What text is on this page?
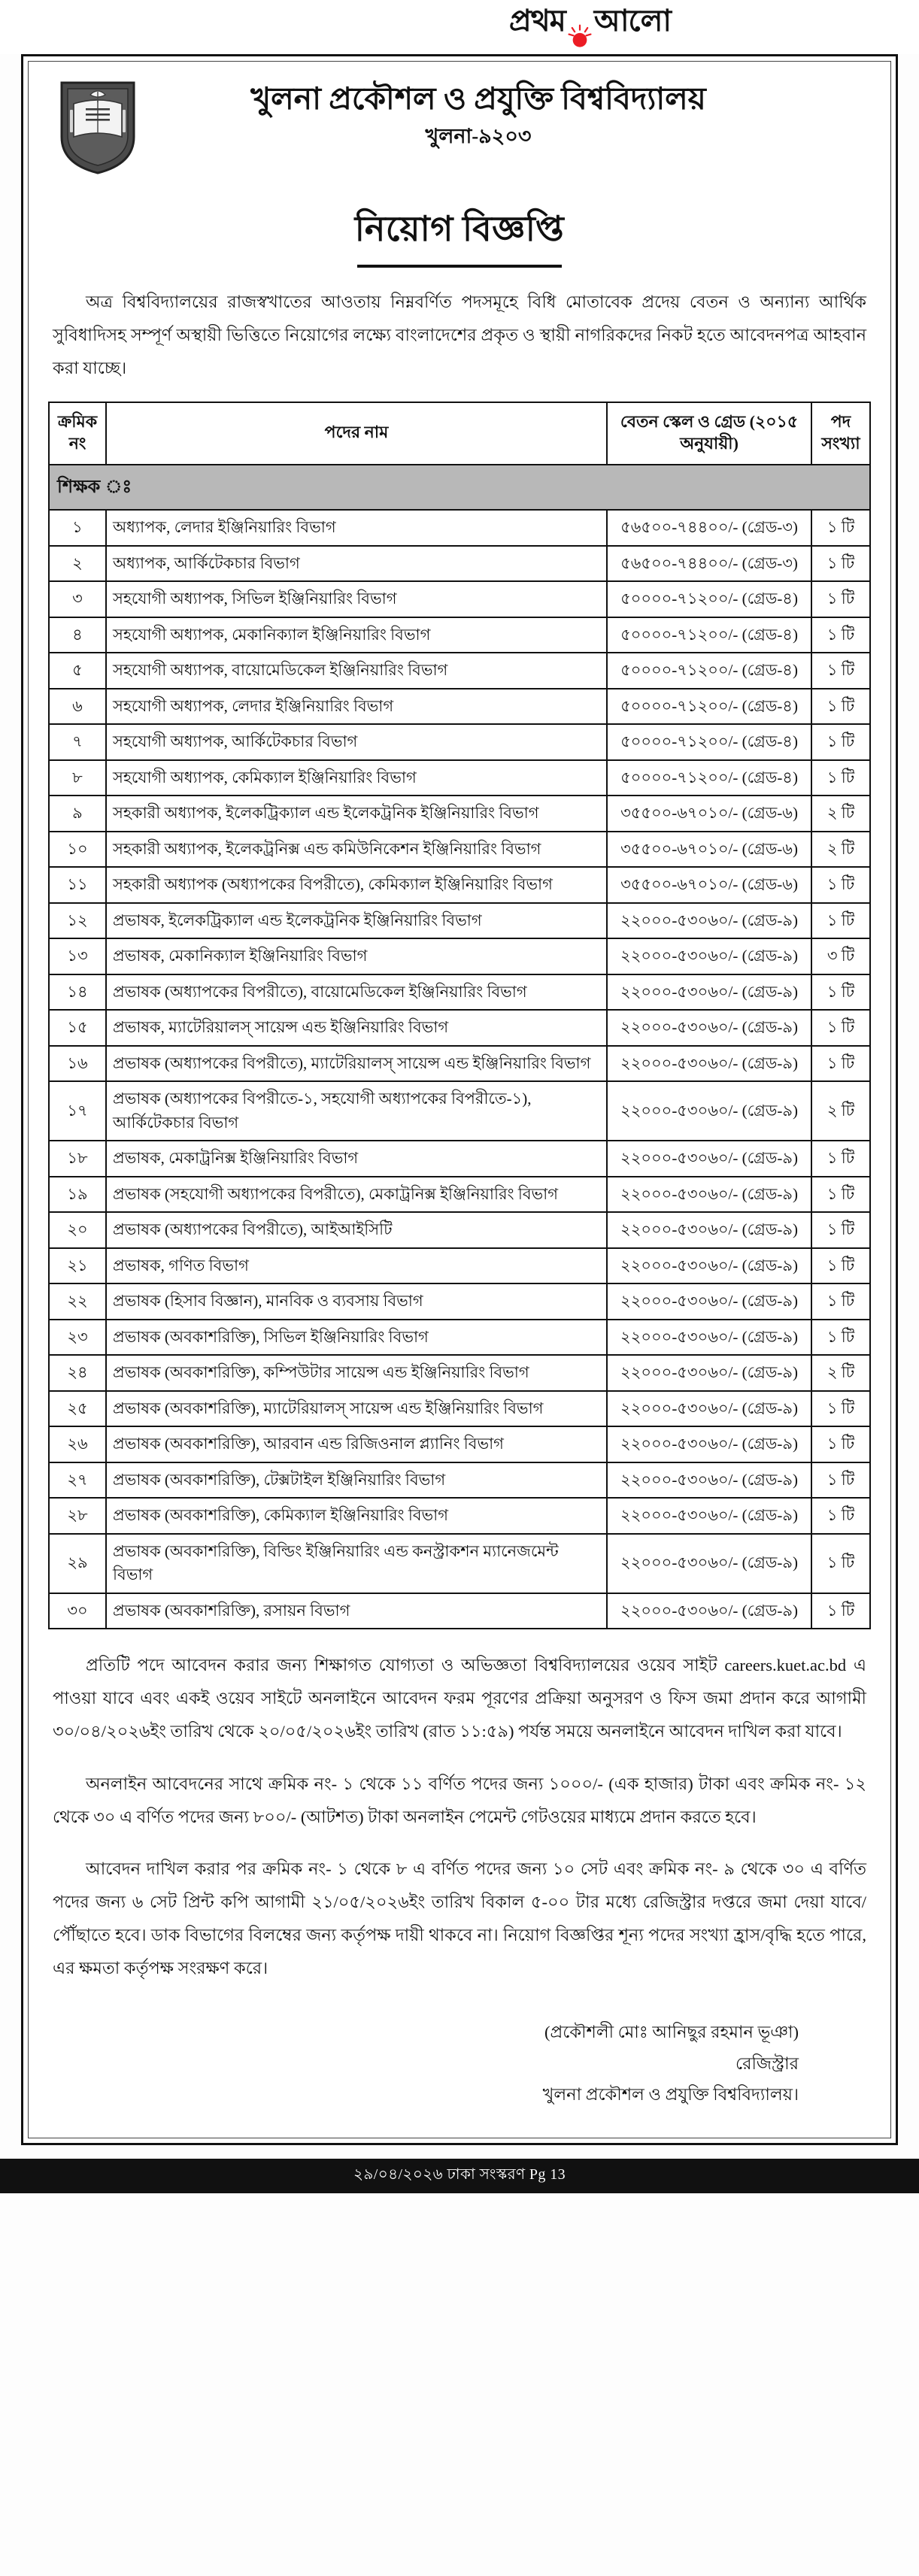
প্রথম আলো
খুলনা প্রকৌশল ও প্রযুক্তি বিশ্ববিদ্যালয়
খুলনা-৯২০৩
নিয়োগ বিজ্ঞপ্তি
অত্র বিশ্ববিদ্যালয়ের রাজস্বখাতের আওতায় নিম্নবর্ণিত পদসমূহে বিধি মোতাবেক প্রদেয় বেতন ও অন্যান্য আর্থিক সুবিধাদিসহ সম্পূর্ণ অস্থায়ী ভিত্তিতে নিয়োগের লক্ষ্যে বাংলাদেশের প্রকৃত ও স্থায়ী নাগরিকদের নিকট হতে আবেদনপত্র আহবান করা যাচ্ছে।
ক্রমিক নং	পদের নাম	বেতন স্কেল ও গ্রেড (২০১৫ অনুযায়ী)	পদ সংখ্যা
শিক্ষক ঃ			
১	অধ্যাপক, লেদার ইঞ্জিনিয়ারিং বিভাগ	৫৬৫০০-৭৪৪০০/- (গ্রেড-৩)	১ টি
২	অধ্যাপক, আর্কিটেকচার বিভাগ	৫৬৫০০-৭৪৪০০/- (গ্রেড-৩)	১ টি
৩	সহযোগী অধ্যাপক, সিভিল ইঞ্জিনিয়ারিং বিভাগ	৫০০০০-৭১২০০/- (গ্রেড-৪)	১ টি
৪	সহযোগী অধ্যাপক, মেকানিক্যাল ইঞ্জিনিয়ারিং বিভাগ	৫০০০০-৭১২০০/- (গ্রেড-৪)	১ টি
৫	সহযোগী অধ্যাপক, বায়োমেডিকেল ইঞ্জিনিয়ারিং বিভাগ	৫০০০০-৭১২০০/- (গ্রেড-৪)	১ টি
৬	সহযোগী অধ্যাপক, লেদার ইঞ্জিনিয়ারিং বিভাগ	৫০০০০-৭১২০০/- (গ্রেড-৪)	১ টি
৭	সহযোগী অধ্যাপক, আর্কিটেকচার বিভাগ	৫০০০০-৭১২০০/- (গ্রেড-৪)	১ টি
৮	সহযোগী অধ্যাপক, কেমিক্যাল ইঞ্জিনিয়ারিং বিভাগ	৫০০০০-৭১২০০/- (গ্রেড-৪)	১ টি
৯	সহকারী অধ্যাপক, ইলেকট্রিক্যাল এন্ড ইলেকট্রনিক ইঞ্জিনিয়ারিং বিভাগ	৩৫৫০০-৬৭০১০/- (গ্রেড-৬)	২ টি
১০	সহকারী অধ্যাপক, ইলেকট্রনিক্স এন্ড কমিউনিকেশন ইঞ্জিনিয়ারিং বিভাগ	৩৫৫০০-৬৭০১০/- (গ্রেড-৬)	২ টি
১১	সহকারী অধ্যাপক (অধ্যাপকের বিপরীতে), কেমিক্যাল ইঞ্জিনিয়ারিং বিভাগ	৩৫৫০০-৬৭০১০/- (গ্রেড-৬)	১ টি
১২	প্রভাষক, ইলেকট্রিক্যাল এন্ড ইলেকট্রনিক ইঞ্জিনিয়ারিং বিভাগ	২২০০০-৫৩০৬০/- (গ্রেড-৯)	১ টি
১৩	প্রভাষক, মেকানিক্যাল ইঞ্জিনিয়ারিং বিভাগ	২২০০০-৫৩০৬০/- (গ্রেড-৯)	৩ টি
১৪	প্রভাষক (অধ্যাপকের বিপরীতে), বায়োমেডিকেল ইঞ্জিনিয়ারিং বিভাগ	২২০০০-৫৩০৬০/- (গ্রেড-৯)	১ টি
১৫	প্রভাষক, ম্যাটেরিয়ালস্ সায়েন্স এন্ড ইঞ্জিনিয়ারিং বিভাগ	২২০০০-৫৩০৬০/- (গ্রেড-৯)	১ টি
১৬	প্রভাষক (অধ্যাপকের বিপরীতে), ম্যাটেরিয়ালস্ সায়েন্স এন্ড ইঞ্জিনিয়ারিং বিভাগ	২২০০০-৫৩০৬০/- (গ্রেড-৯)	১ টি
১৭	প্রভাষক (অধ্যাপকের বিপরীতে-১, সহযোগী অধ্যাপকের বিপরীতে-১), আর্কিটেকচার বিভাগ	২২০০০-৫৩০৬০/- (গ্রেড-৯)	২ টি
১৮	প্রভাষক, মেকাট্রনিক্স ইঞ্জিনিয়ারিং বিভাগ	২২০০০-৫৩০৬০/- (গ্রেড-৯)	১ টি
১৯	প্রভাষক (সহযোগী অধ্যাপকের বিপরীতে), মেকাট্রনিক্স ইঞ্জিনিয়ারিং বিভাগ	২২০০০-৫৩০৬০/- (গ্রেড-৯)	১ টি
২০	প্রভাষক (অধ্যাপকের বিপরীতে), আইআইসিটি	২২০০০-৫৩০৬০/- (গ্রেড-৯)	১ টি
২১	প্রভাষক, গণিত বিভাগ	২২০০০-৫৩০৬০/- (গ্রেড-৯)	১ টি
২২	প্রভাষক (হিসাব বিজ্ঞান), মানবিক ও ব্যবসায় বিভাগ	২২০০০-৫৩০৬০/- (গ্রেড-৯)	১ টি
২৩	প্রভাষক (অবকাশরিক্তি), সিভিল ইঞ্জিনিয়ারিং বিভাগ	২২০০০-৫৩০৬০/- (গ্রেড-৯)	১ টি
২৪	প্রভাষক (অবকাশরিক্তি), কম্পিউটার সায়েন্স এন্ড ইঞ্জিনিয়ারিং বিভাগ	২২০০০-৫৩০৬০/- (গ্রেড-৯)	২ টি
২৫	প্রভাষক (অবকাশরিক্তি), ম্যাটেরিয়ালস্ সায়েন্স এন্ড ইঞ্জিনিয়ারিং বিভাগ	২২০০০-৫৩০৬০/- (গ্রেড-৯)	১ টি
২৬	প্রভাষক (অবকাশরিক্তি), আরবান এন্ড রিজিওনাল প্ল্যানিং বিভাগ	২২০০০-৫৩০৬০/- (গ্রেড-৯)	১ টি
২৭	প্রভাষক (অবকাশরিক্তি), টেক্সটাইল ইঞ্জিনিয়ারিং বিভাগ	২২০০০-৫৩০৬০/- (গ্রেড-৯)	১ টি
২৮	প্রভাষক (অবকাশরিক্তি), কেমিক্যাল ইঞ্জিনিয়ারিং বিভাগ	২২০০০-৫৩০৬০/- (গ্রেড-৯)	১ টি
২৯	প্রভাষক (অবকাশরিক্তি), বিল্ডিং ইঞ্জিনিয়ারিং এন্ড কনস্ট্রাকশন ম্যানেজমেন্ট বিভাগ	২২০০০-৫৩০৬০/- (গ্রেড-৯)	১ টি
৩০	প্রভাষক (অবকাশরিক্তি), রসায়ন বিভাগ	২২০০০-৫৩০৬০/- (গ্রেড-৯)	১ টি
প্রতিটি পদে আবেদন করার জন্য শিক্ষাগত যোগ্যতা ও অভিজ্ঞতা বিশ্ববিদ্যালয়ের ওয়েব সাইট careers.kuet.ac.bd এ পাওয়া যাবে এবং একই ওয়েব সাইটে অনলাইনে আবেদন ফরম পূরণের প্রক্রিয়া অনুসরণ ও ফিস জমা প্রদান করে আগামী ৩০/০৪/২০২৬ইং তারিখ থেকে ২০/০৫/২০২৬ইং তারিখ (রাত ১১:৫৯) পর্যন্ত সময়ে অনলাইনে আবেদন দাখিল করা যাবে।
অনলাইন আবেদনের সাথে ক্রমিক নং- ১ থেকে ১১ বর্ণিত পদের জন্য ১০০০/- (এক হাজার) টাকা এবং ক্রমিক নং- ১২ থেকে ৩০ এ বর্ণিত পদের জন্য ৮০০/- (আটশত) টাকা অনলাইন পেমেন্ট গেটওয়ের মাধ্যমে প্রদান করতে হবে।
আবেদন দাখিল করার পর ক্রমিক নং- ১ থেকে ৮ এ বর্ণিত পদের জন্য ১০ সেট এবং ক্রমিক নং- ৯ থেকে ৩০ এ বর্ণিত পদের জন্য ৬ সেট প্রিন্ট কপি আগামী ২১/০৫/২০২৬ইং তারিখ বিকাল ৫-০০ টার মধ্যে রেজিস্ট্রার দপ্তরে জমা দেয়া যাবে/পৌঁছাতে হবে। ডাক বিভাগের বিলম্বের জন্য কর্তৃপক্ষ দায়ী থাকবে না। নিয়োগ বিজ্ঞপ্তির শূন্য পদের সংখ্যা হ্রাস/বৃদ্ধি হতে পারে, এর ক্ষমতা কর্তৃপক্ষ সংরক্ষণ করে।
(প্রকৌশলী মোঃ আনিছুর রহমান ভূঞা)
রেজিস্ট্রার
খুলনা প্রকৌশল ও প্রযুক্তি বিশ্ববিদ্যালয়।
২৯/০৪/২০২৬ ঢাকা সংস্করণ Pg 13
